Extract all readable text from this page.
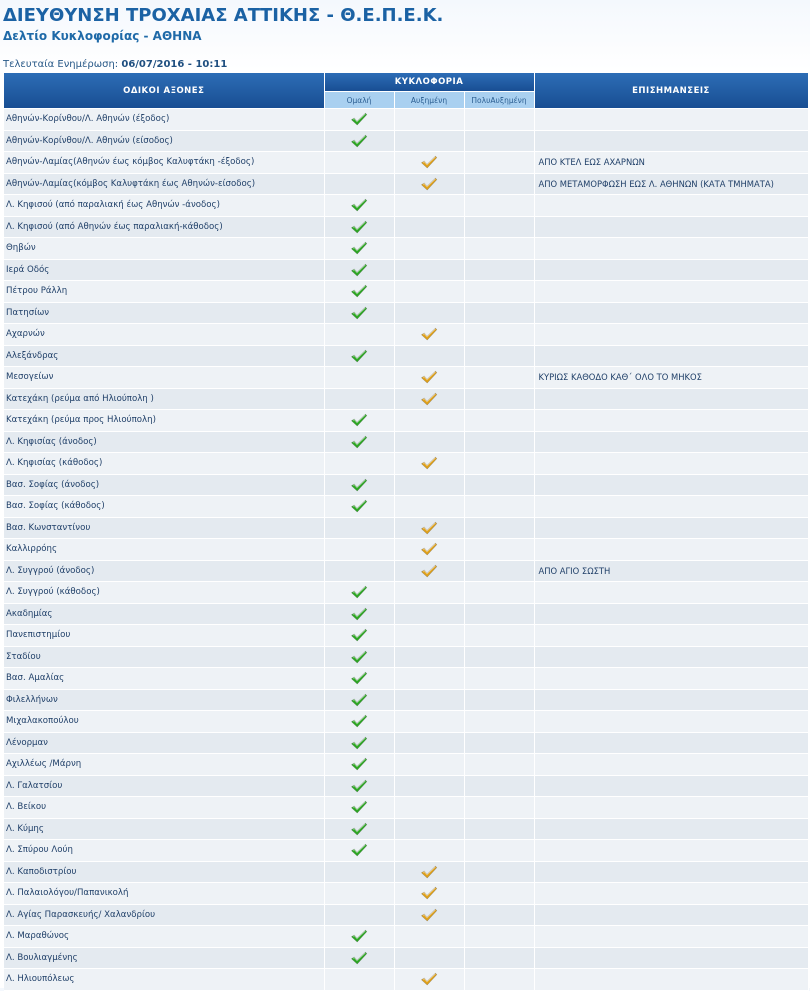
ΔΙΕΥΘΥΝΣΗ ΤΡΟΧΑΙΑΣ ΑΤΤΙΚΗΣ - Θ.Ε.Π.Ε.Κ.
Δελτίο Κυκλοφορίας - ΑΘΗΝΑ
Τελευταία Ενημέρωση: 06/07/2016 - 10:11
ΟΔΙΚΟΙ ΑΞΟΝΕΣ	ΚΥΚΛΟΦΟΡΙΑ			ΕΠΙΣΗΜΑΝΣΕΙΣ
	Ομαλή	Αυξημένη	ΠολυΑυξημένη	
Αθηνών-Κορίνθου/Λ. Αθηνών (έξοδος)	

Αθηνών-Κορίνθου/Λ. Αθηνών (είσοδος)	

Αθηνών-Λαμίας(Αθηνών έως κόμβος Καλυφτάκη -έξοδος)				ΑΠΟ ΚΤΕΛ ΕΩΣ ΑΧΑΡΝΩΝ
Αθηνών-Λαμίας(κόμβος Καλυφτάκη έως Αθηνών-είσοδος)				ΑΠΟ ΜΕΤΑΜΟΡΦΩΣΗ ΕΩΣ Λ. ΑΘΗΝΩΝ (ΚΑΤΑ ΤΜΗΜΑΤΑ)
Λ. Κηφισού (από παραλιακή έως Αθηνών -άνοδος)	

Λ. Κηφισού (από Αθηνών έως παραλιακή-κάθοδος)	

Θηβών	

Ιερά Οδός	

Πέτρου Ράλλη	

Πατησίων	

Αχαρνών		

Αλεξάνδρας	

Μεσογείων				ΚΥΡΙΩΣ ΚΑΘΟΔΟ ΚΑΘ΄ ΟΛΟ ΤΟ ΜΗΚΟΣ
Κατεχάκη (ρεύμα από Ηλιούπολη )		

Κατεχάκη (ρεύμα προς Ηλιούπολη)	

Λ. Κηφισίας (άνοδος)	

Λ. Κηφισίας (κάθοδος)		

Βασ. Σοφίας (άνοδος)	

Βασ. Σοφίας (κάθοδος)	

Βασ. Κωνσταντίνου		

Καλλιρρόης		

Λ. Συγγρού (άνοδος)				ΑΠΟ ΑΓΙΟ ΣΩΣΤΗ
Λ. Συγγρού (κάθοδος)	

Ακαδημίας	

Πανεπιστημίου	

Σταδίου	

Βασ. Αμαλίας	

Φιλελλήνων	

Μιχαλακοπούλου	

Λένορμαν	

Αχιλλέως /Μάρνη	

Λ. Γαλατσίου	

Λ. Βείκου	

Λ. Κύμης	

Λ. Σπύρου Λούη	

Λ. Καποδιστρίου		

Λ. Παλαιολόγου/Παπανικολή		

Λ. Αγίας Παρασκευής/ Χαλανδρίου		

Λ. Μαραθώνος	

Λ. Βουλιαγμένης	

Λ. Ηλιουπόλεως		
